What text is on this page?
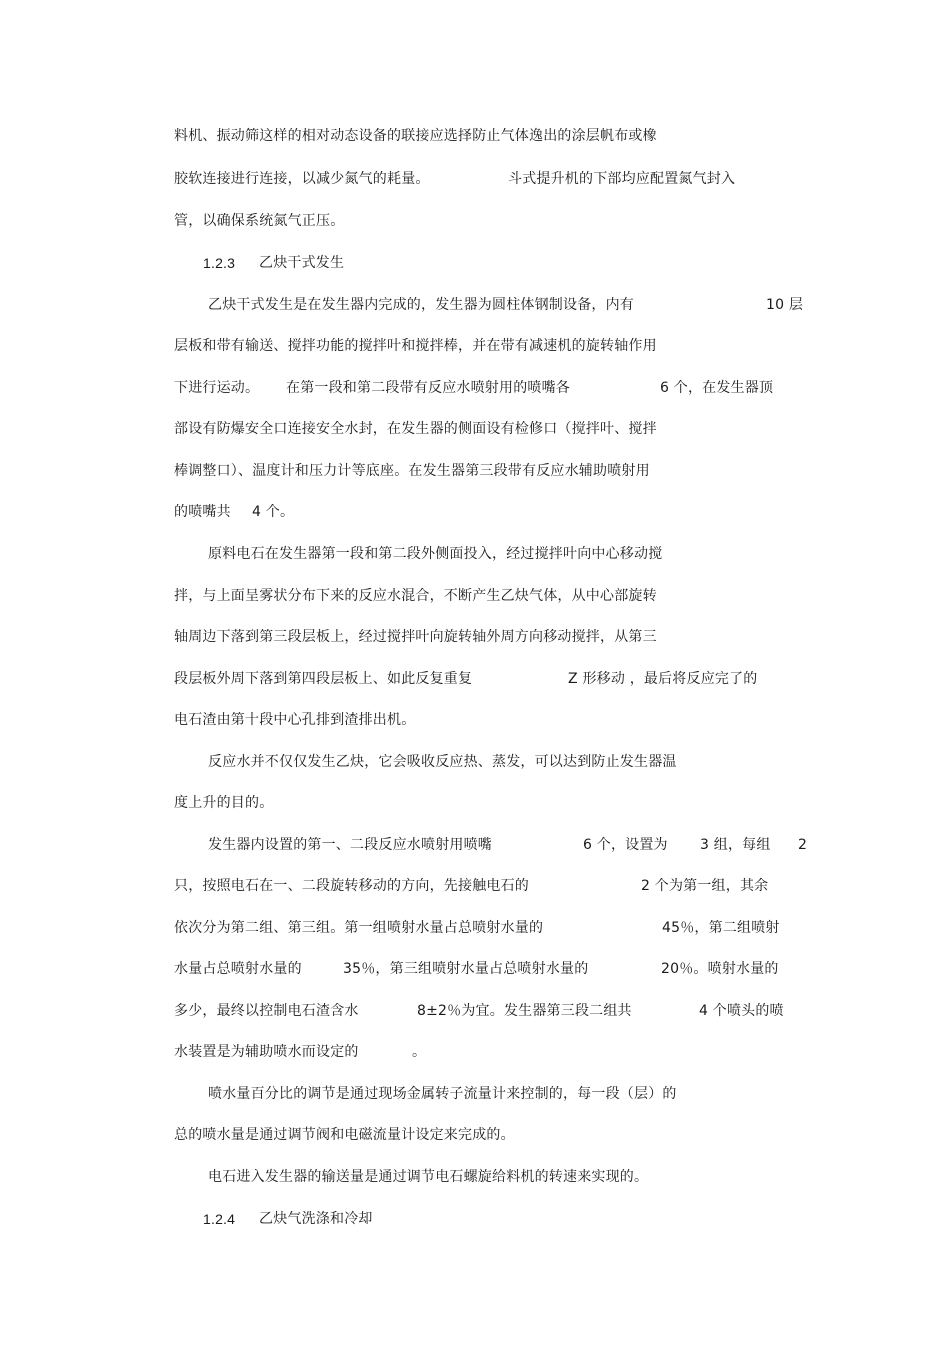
料机、振动筛这样的相对动态设备的联接应选择防止气体逸出的涂层帆布或橡
胶软连接进行连接，以减少氮气的耗量。	斗式提升机的下部均应配置氮气封入
管，以确保系统氮气正压。
1.2.3 乙炔干式发生
乙炔干式发生是在发生器内完成的，发生器为圆柱体钢制设备，内有	10 层
层板和带有输送、搅拌功能的搅拌叶和搅拌棒，并在带有减速机的旋转轴作用
下进行运动。 在第一段和第二段带有反应水喷射用的喷嘴各	6 个，在发生器顶
部设有防爆安全口连接安全水封，在发生器的侧面设有检修口（搅拌叶、搅拌
棒调整口）、温度计和压力计等底座。在发生器第三段带有反应水辅助喷射用
的喷嘴共 4 个。
原料电石在发生器第一段和第二段外侧面投入，经过搅拌叶向中心移动搅
拌，与上面呈雾状分布下来的反应水混合，不断产生乙炔气体，从中心部旋转
轴周边下落到第三段层板上，经过搅拌叶向旋转轴外周方向移动搅拌，从第三
段层板外周下落到第四段层板上、如此反复重复	Z 形移动 ，最后将反应完了的
电石渣由第十段中心孔排到渣排出机。
反应水并不仅仅发生乙炔，它会吸收反应热、蒸发，可以达到防止发生器温
度上升的目的。
发生器内设置的第一、二段反应水喷射用喷嘴	6 个，设置为 3 组，每组 2
只，按照电石在一、二段旋转移动的方向，先接触电石的	2 个为第一组，其余
依次分为第二组、第三组。第一组喷射水量占总喷射水量的	45％，第二组喷射
水量占总喷射水量的	35％，第三组喷射水量占总喷射水量的	20％。喷射水量的
多少，最终以控制电石渣含水	8±2％为宜。发生器第三段二组共	4 个喷头的喷
水装置是为辅助喷水而设定的	。
喷水量百分比的调节是通过现场金属转子流量计来控制的，每一段（层）的
总的喷水量是通过调节阀和电磁流量计设定来完成的。
电石进入发生器的输送量是通过调节电石螺旋给料机的转速来实现的。
1.2.4 乙炔气洗涤和冷却
